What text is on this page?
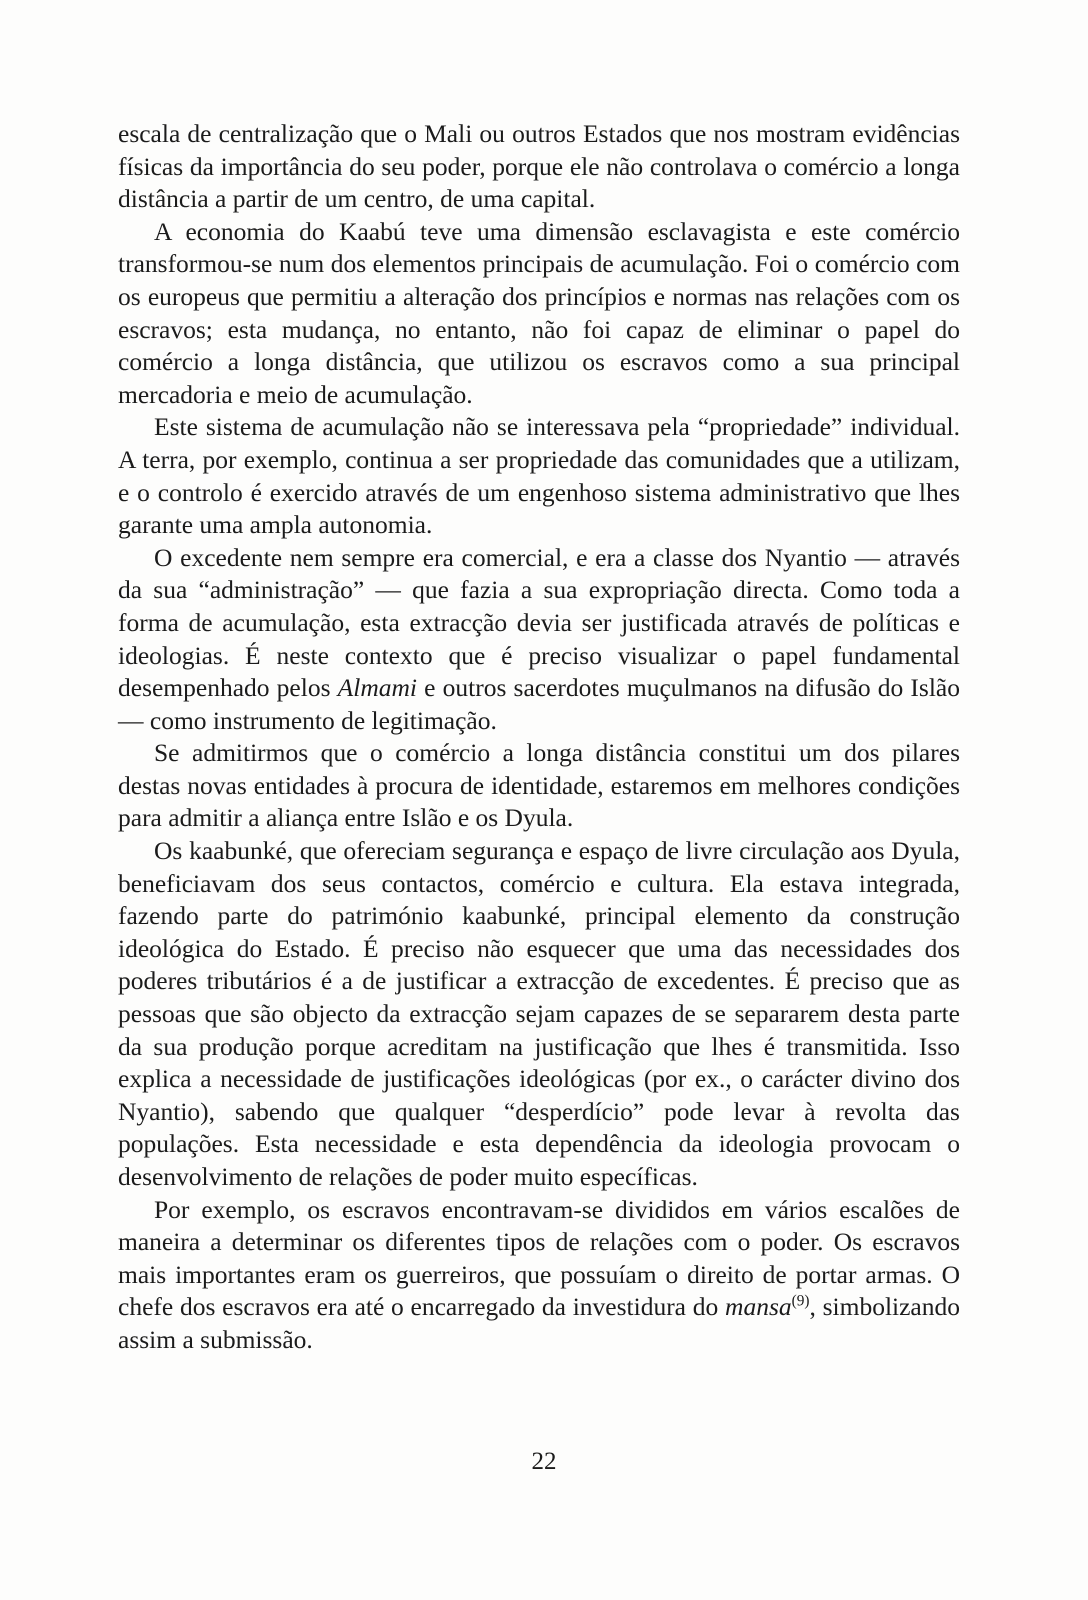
escala de centralização que o Mali ou outros Estados que nos mostram evidências físicas da importância do seu poder, porque ele não controlava o comércio a longa distância a partir de um centro, de uma capital.

A economia do Kaabú teve uma dimensão esclavagista e este comércio transformou-se num dos elementos principais de acumulação. Foi o comércio com os europeus que permitiu a alteração dos princípios e normas nas relações com os escravos; esta mudança, no entanto, não foi capaz de eliminar o papel do comércio a longa distância, que utilizou os escravos como a sua principal mercadoria e meio de acumulação.

Este sistema de acumulação não se interessava pela “propriedade” individual. A terra, por exemplo, continua a ser propriedade das comunidades que a utilizam, e o controlo é exercido através de um engenhoso sistema administrativo que lhes garante uma ampla autonomia.

O excedente nem sempre era comercial, e era a classe dos Nyantio — através da sua “administração” — que fazia a sua expropriação directa. Como toda a forma de acumulação, esta extracção devia ser justificada através de políticas e ideologias. É neste contexto que é preciso visualizar o papel fundamental desempenhado pelos Almami e outros sacerdotes muçulmanos na difusão do Islão — como instrumento de legitimação.

Se admitirmos que o comércio a longa distância constitui um dos pilares destas novas entidades à procura de identidade, estaremos em melhores condições para admitir a aliança entre Islão e os Dyula.

Os kaabunké, que ofereciam segurança e espaço de livre circulação aos Dyula, beneficiavam dos seus contactos, comércio e cultura. Ela estava integrada, fazendo parte do património kaabunké, principal elemento da construção ideológica do Estado. É preciso não esquecer que uma das necessidades dos poderes tributários é a de justificar a extracção de excedentes. É preciso que as pessoas que são objecto da extracção sejam capazes de se separarem desta parte da sua produção porque acreditam na justificação que lhes é transmitida. Isso explica a necessidade de justificações ideológicas (por ex., o carácter divino dos Nyantio), sabendo que qualquer “desperdício” pode levar à revolta das populações. Esta necessidade e esta dependência da ideologia provocam o desenvolvimento de relações de poder muito específicas.

Por exemplo, os escravos encontravam-se divididos em vários escalões de maneira a determinar os diferentes tipos de relações com o poder. Os escravos mais importantes eram os guerreiros, que possuíam o direito de portar armas. O chefe dos escravos era até o encarregado da investidura do mansa$^{(9)}$, simbolizando assim a submissão.

22
